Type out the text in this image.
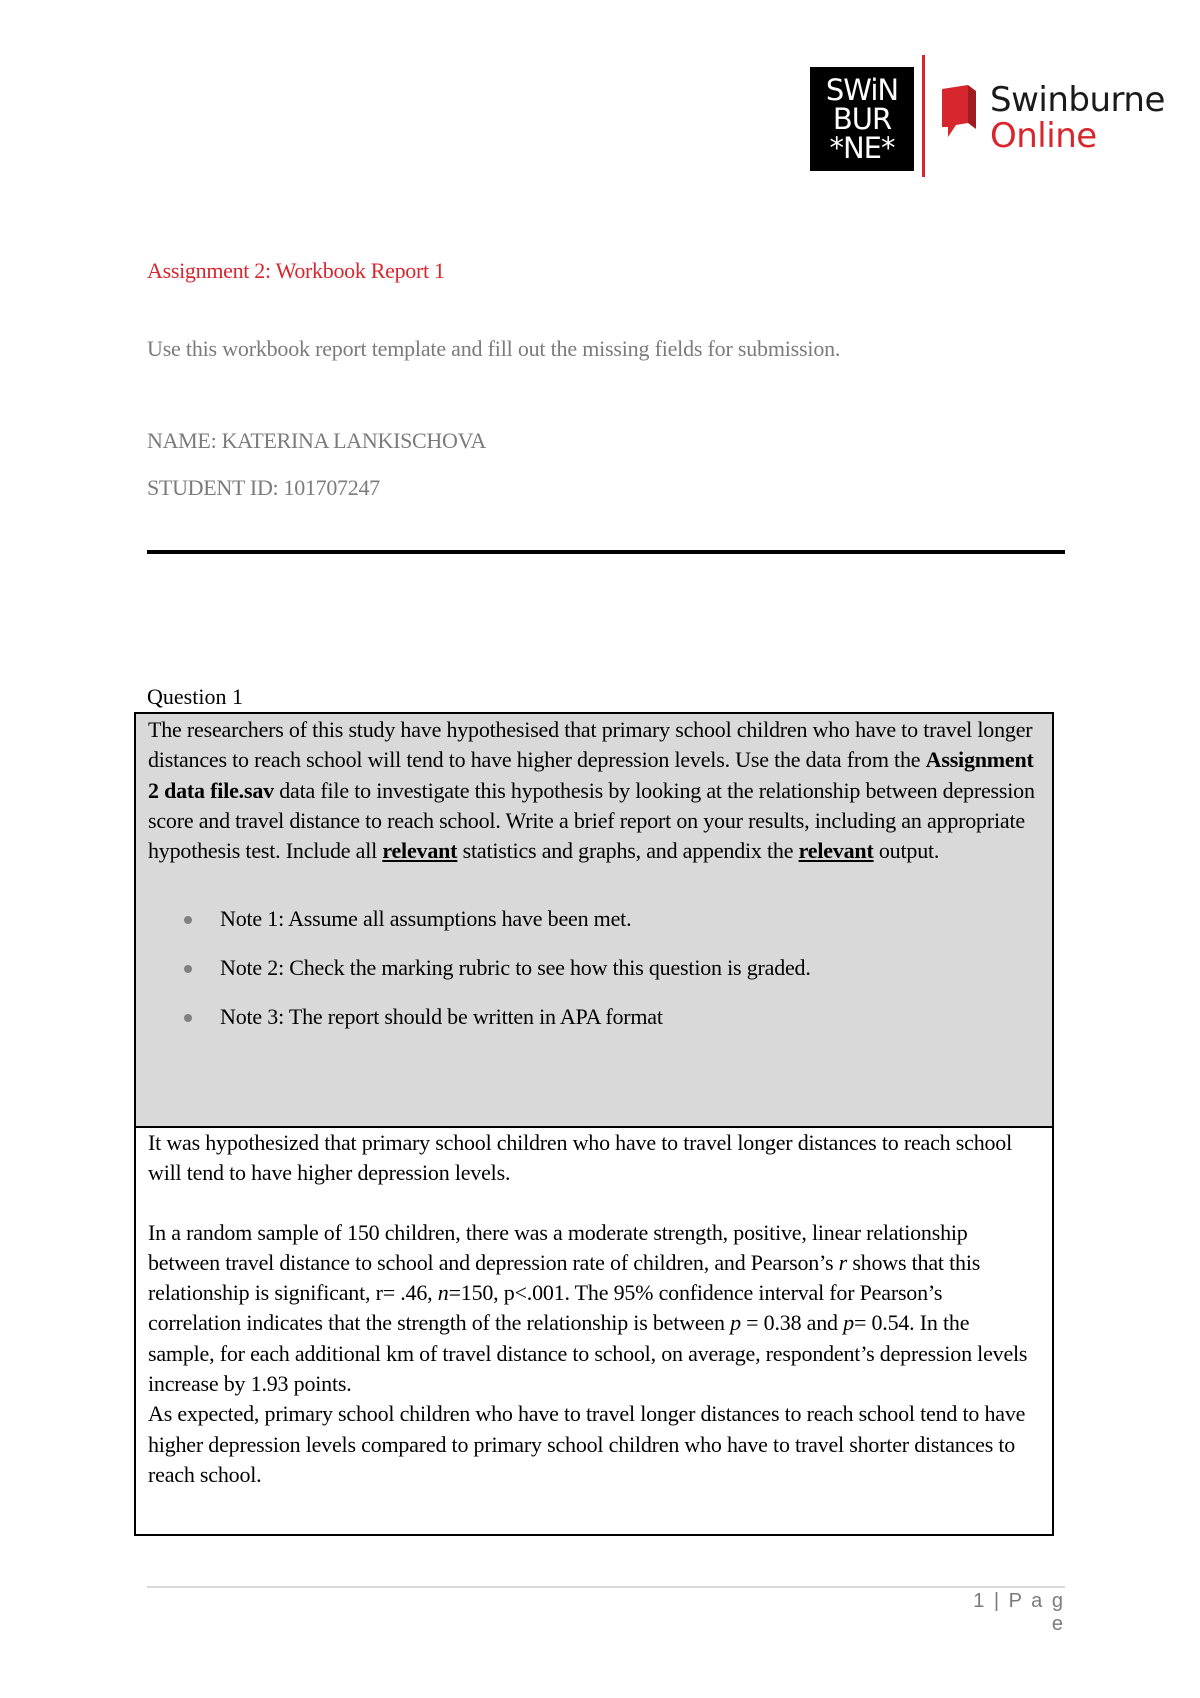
SWiN
BUR
*NE*
Swinburne
Online
Assignment 2: Workbook Report 1
Use this workbook report template and fill out the missing fields for submission.
NAME: KATERINA LANKISCHOVA
STUDENT ID: 101707247
Question 1
The researchers of this study have hypothesised that primary school children who have to travel longer distances to reach school will tend to have higher depression levels. Use the data from the Assignment 2 data file.sav data file to investigate this hypothesis by looking at the relationship between depression score and travel distance to reach school. Write a brief report on your results, including an appropriate hypothesis test. Include all relevant statistics and graphs, and appendix the relevant output.
Note 1: Assume all assumptions have been met.
Note 2: Check the marking rubric to see how this question is graded.
Note 3: The report should be written in APA format

It was hypothesized that primary school children who have to travel longer distances to reach school will tend to have higher depression levels.

In a random sample of 150 children, there was a moderate strength, positive, linear relationship between travel distance to school and depression rate of children, and Pearson’s r shows that this relationship is significant, r= .46, n=150, p<.001. The 95% confidence interval for Pearson’s correlation indicates that the strength of the relationship is between p = 0.38 and p= 0.54. In the sample, for each additional km of travel distance to school, on average, respondent’s depression levels increase by 1.93 points.

As expected, primary school children who have to travel longer distances to reach school tend to have higher depression levels compared to primary school children who have to travel shorter distances to reach school.

1 | P a g e
